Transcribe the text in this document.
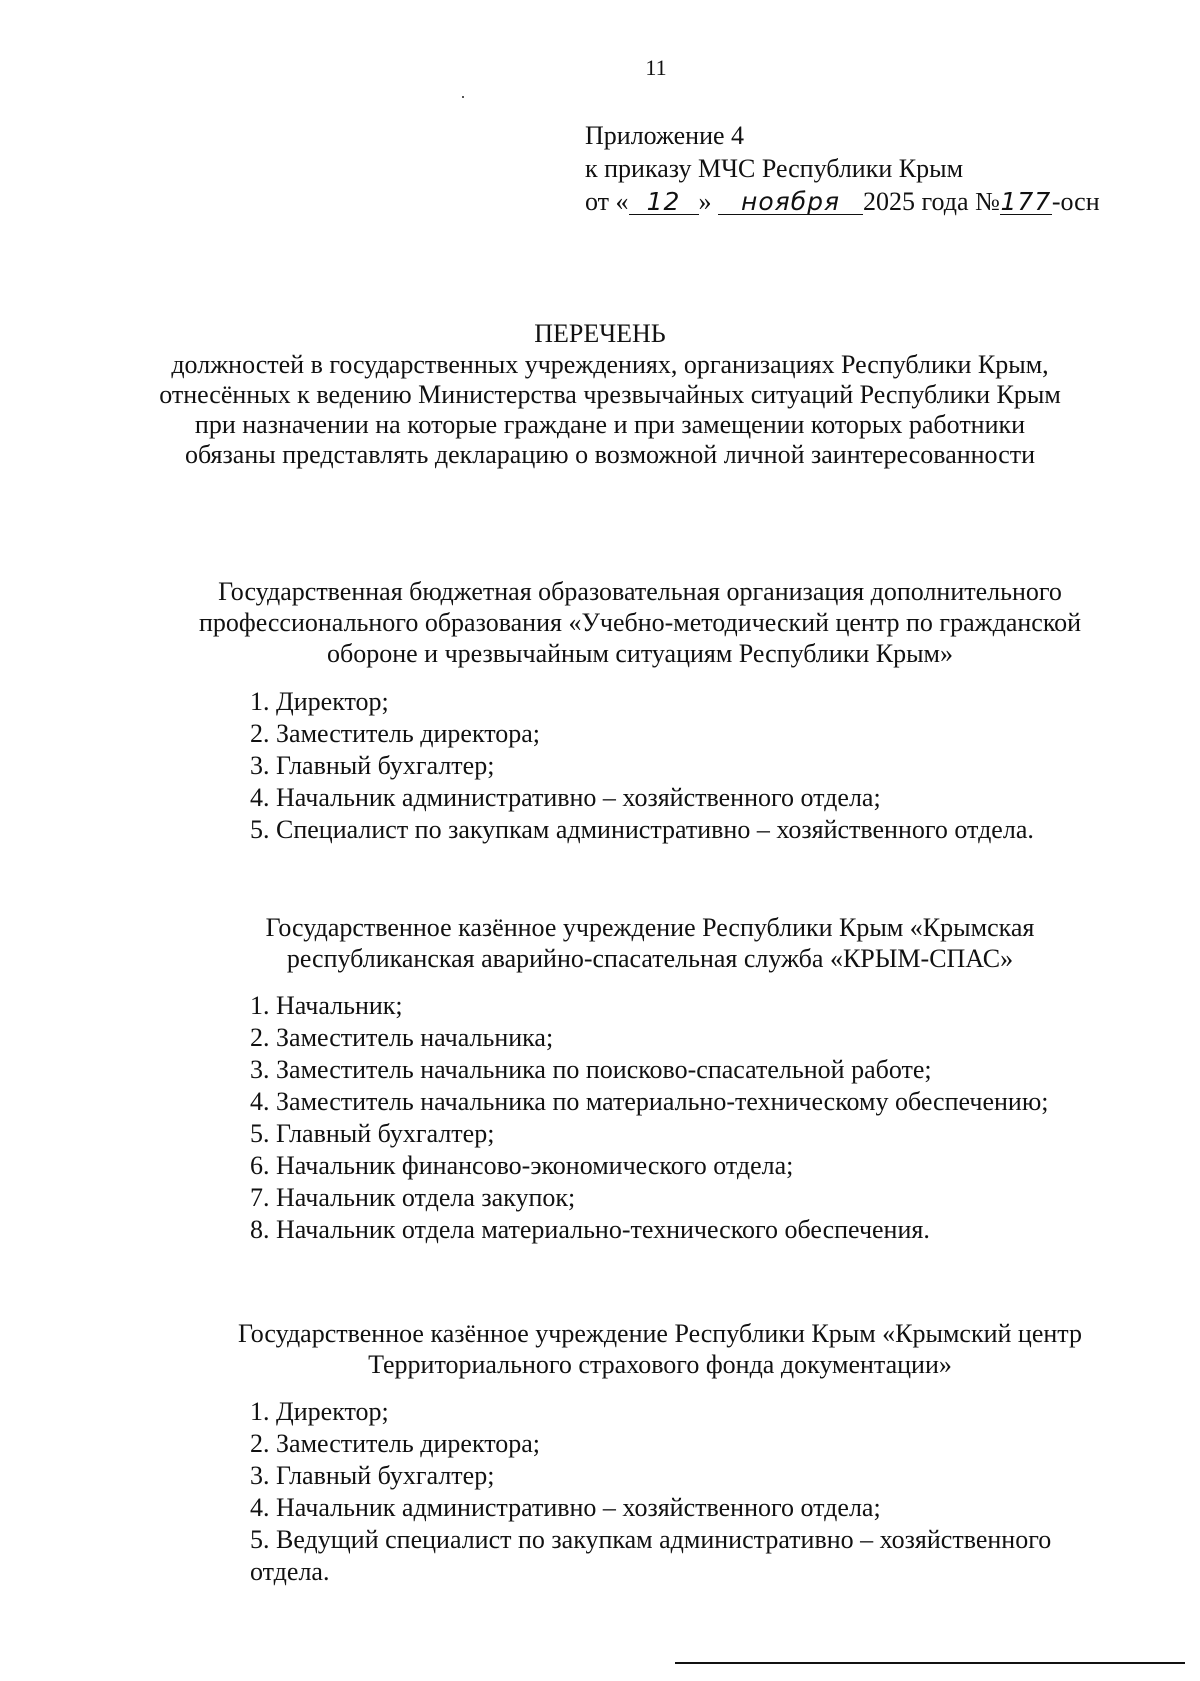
11
Приложение 4
к приказу МЧС Республики Крым
от « 12 » ноября 2025 года №177-осн
ПЕРЕЧЕНЬ
должностей в государственных учреждениях, организациях Республики Крым, отнесённых к ведению Министерства чрезвычайных ситуаций Республики Крым при назначении на которые граждане и при замещении которых работники обязаны представлять декларацию о возможной личной заинтересованности
Государственная бюджетная образовательная организация дополнительного профессионального образования «Учебно-методический центр по гражданской обороне и чрезвычайным ситуациям Республики Крым»
1. Директор;
2. Заместитель директора;
3. Главный бухгалтер;
4. Начальник административно – хозяйственного отдела;
5. Специалист по закупкам административно – хозяйственного отдела.
Государственное казённое учреждение Республики Крым «Крымская республиканская аварийно-спасательная служба «КРЫМ-СПАС»
1. Начальник;
2. Заместитель начальника;
3. Заместитель начальника по поисково-спасательной работе;
4. Заместитель начальника по материально-техническому обеспечению;
5. Главный бухгалтер;
6. Начальник финансово-экономического отдела;
7. Начальник отдела закупок;
8. Начальник отдела материально-технического обеспечения.
Государственное казённое учреждение Республики Крым «Крымский центр Территориального страхового фонда документации»
1. Директор;
2. Заместитель директора;
3. Главный бухгалтер;
4. Начальник административно – хозяйственного отдела;
5. Ведущий специалист по закупкам административно – хозяйственного отдела.
